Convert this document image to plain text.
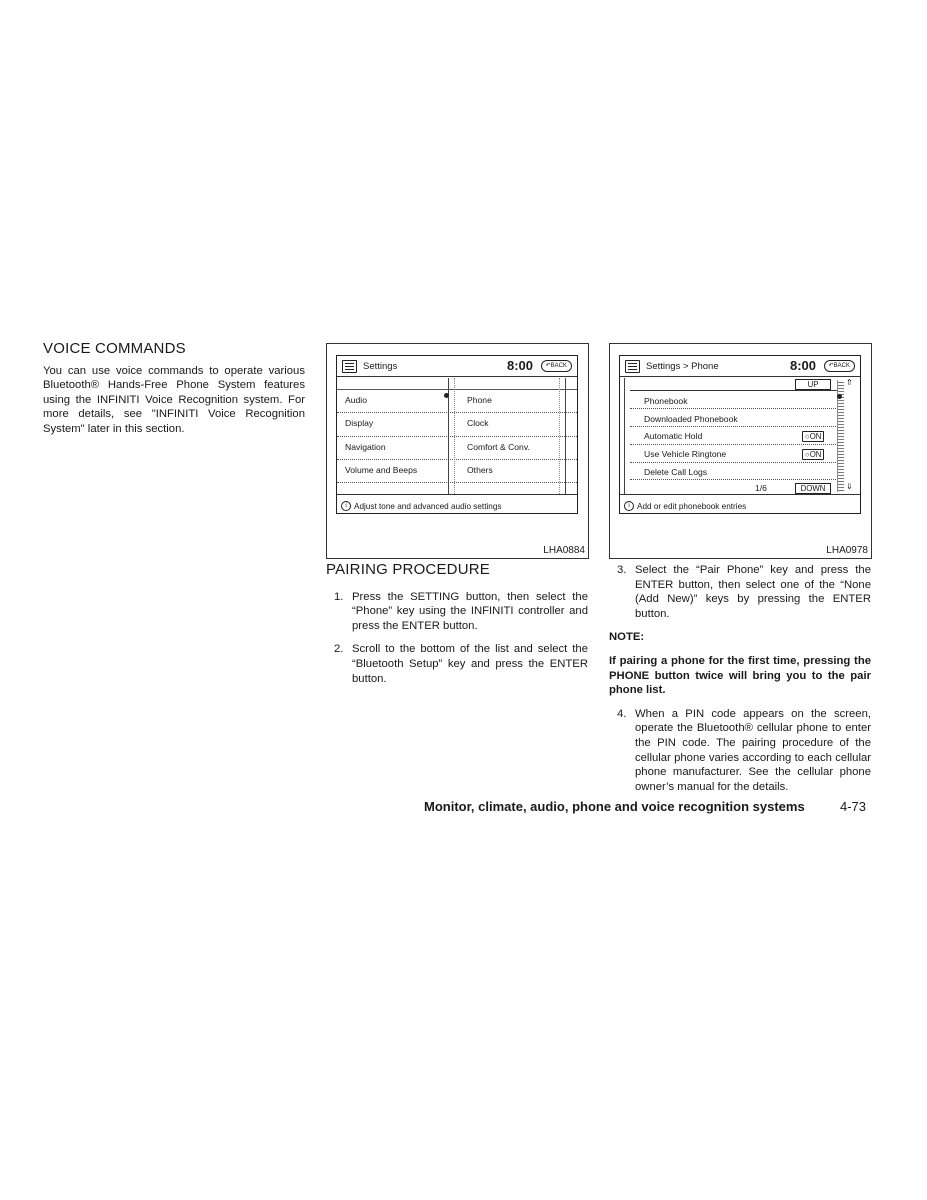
VOICE COMMANDS

You can use voice commands to operate various Bluetooth® Hands-Free Phone System features using the INFINITI Voice Recognition system. For more details, see "INFINITI Voice Recognition System" later in this section.

Settings	8:00	↶BACK
Audio
Display
Navigation
Volume and Beeps
Phone
Clock
Comfort & Conv.
Others
i Adjust tone and advanced audio settings
LHA0884
Settings > Phone	8:00	↶BACK
UP
Phonebook
Downloaded Phonebook
Automatic Hold	○ON
Use Vehicle Ringtone	○ON
Delete Call Logs
1/6	DOWN
⇑
⇓
i Add or edit phonebook entries
LHA0978
PAIRING PROCEDURE
1. Press the SETTING button, then select the “Phone” key using the INFINITI controller and press the ENTER button.
2. Scroll to the bottom of the list and select the “Bluetooth Setup” key and press the ENTER button.
3. Select the “Pair Phone” key and press the ENTER button, then select one of the “None (Add New)” keys by pressing the ENTER button.

NOTE:

If pairing a phone for the first time, pressing the PHONE button twice will bring you to the pair phone list.

4. When a PIN code appears on the screen, operate the Bluetooth® cellular phone to enter the PIN code. The pairing procedure of the cellular phone varies according to each cellular phone manufacturer. See the cellular phone owner’s manual for the details.
Monitor, climate, audio, phone and voice recognition systems	4-73
